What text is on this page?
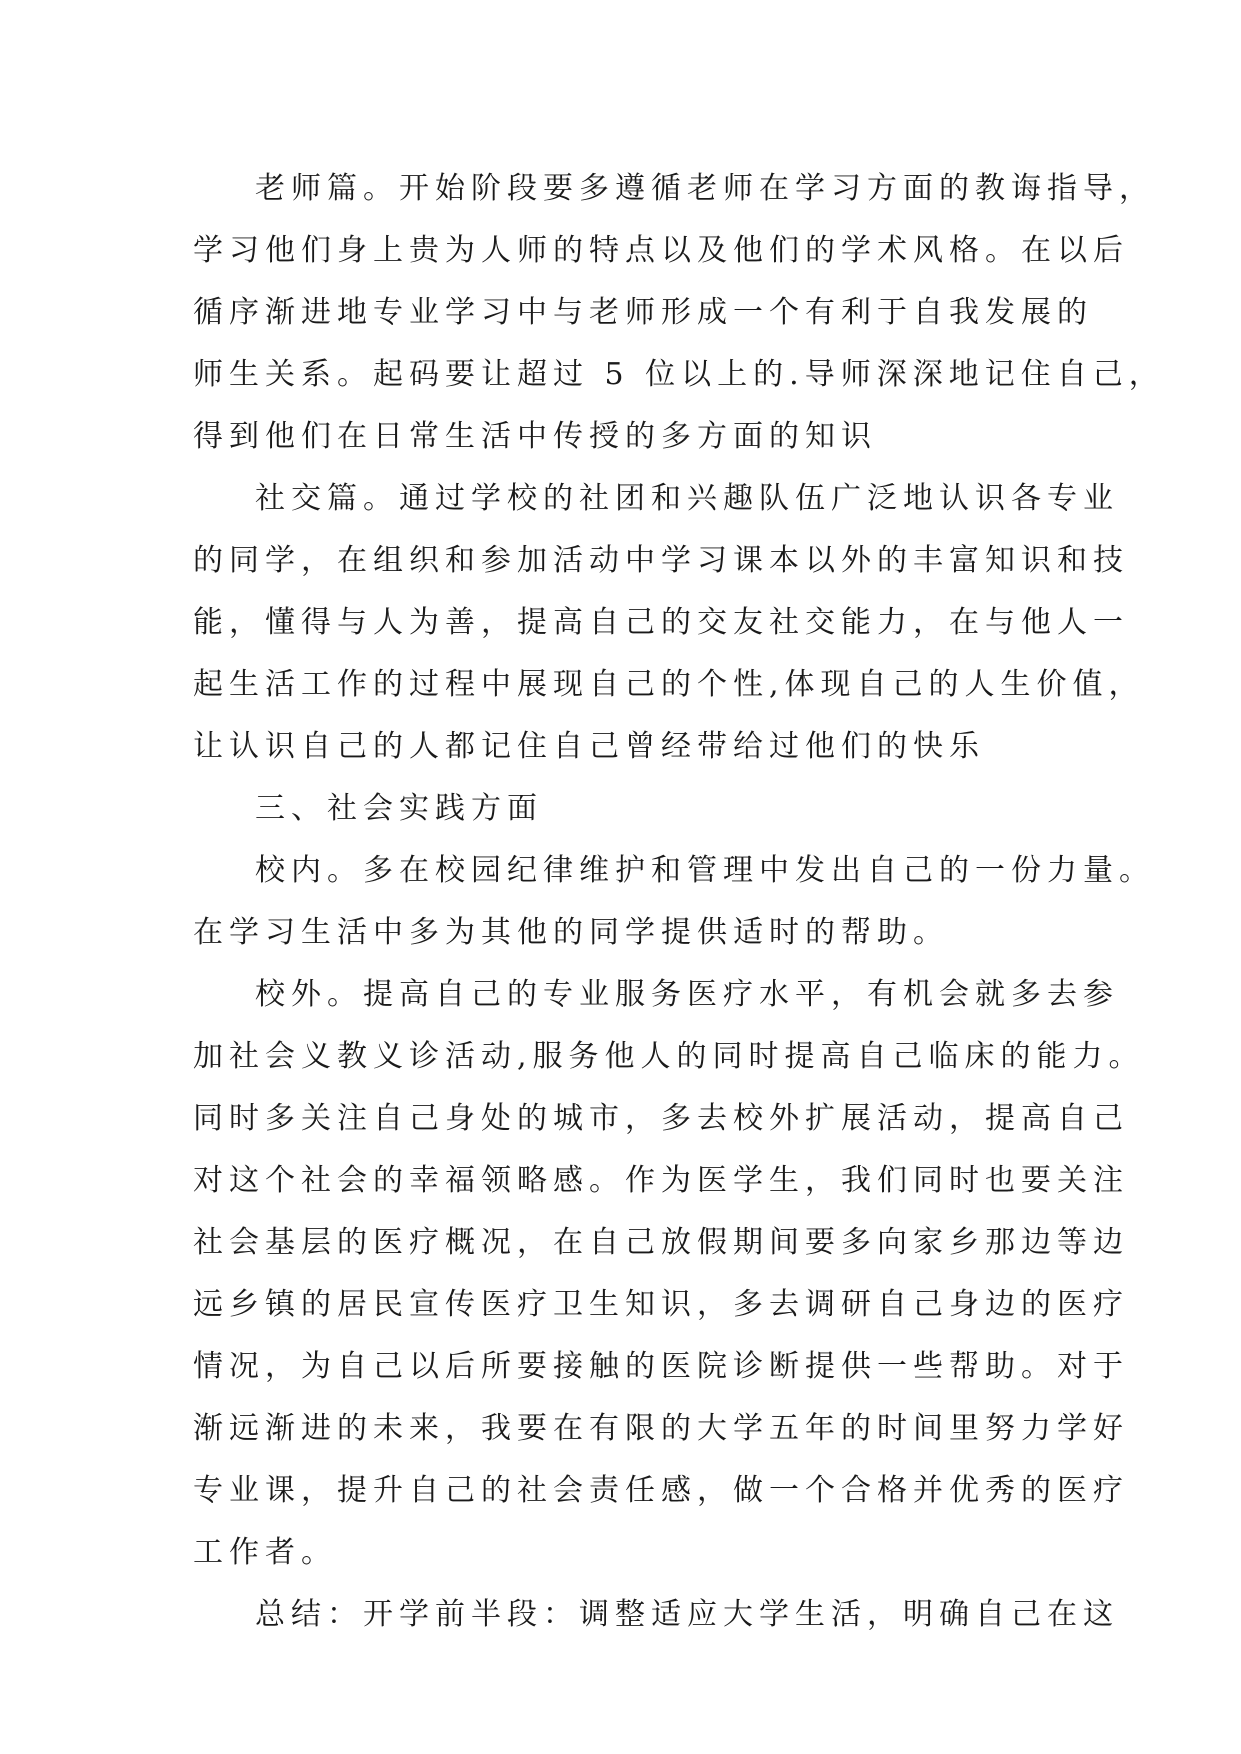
老师篇。开始阶段要多遵循老师在学习方面的教诲指导，
学习他们身上贵为人师的特点以及他们的学术风格。在以后
循序渐进地专业学习中与老师形成一个有利于自我发展的
师生关系。起码要让超过 5 位以上的.导师深深地记住自己，
得到他们在日常生活中传授的多方面的知识
社交篇。通过学校的社团和兴趣队伍广泛地认识各专业
的同学，在组织和参加活动中学习课本以外的丰富知识和技
能，懂得与人为善，提高自己的交友社交能力，在与他人一
起生活工作的过程中展现自己的个性,体现自己的人生价值，
让认识自己的人都记住自己曾经带给过他们的快乐
三、社会实践方面
校内。多在校园纪律维护和管理中发出自己的一份力量。
在学习生活中多为其他的同学提供适时的帮助。
校外。提高自己的专业服务医疗水平，有机会就多去参
加社会义教义诊活动,服务他人的同时提高自己临床的能力。
同时多关注自己身处的城市，多去校外扩展活动，提高自己
对这个社会的幸福领略感。作为医学生，我们同时也要关注
社会基层的医疗概况，在自己放假期间要多向家乡那边等边
远乡镇的居民宣传医疗卫生知识，多去调研自己身边的医疗
情况，为自己以后所要接触的医院诊断提供一些帮助。对于
渐远渐进的未来，我要在有限的大学五年的时间里努力学好
专业课，提升自己的社会责任感，做一个合格并优秀的医疗
工作者。
总结：开学前半段：调整适应大学生活，明确自己在这
